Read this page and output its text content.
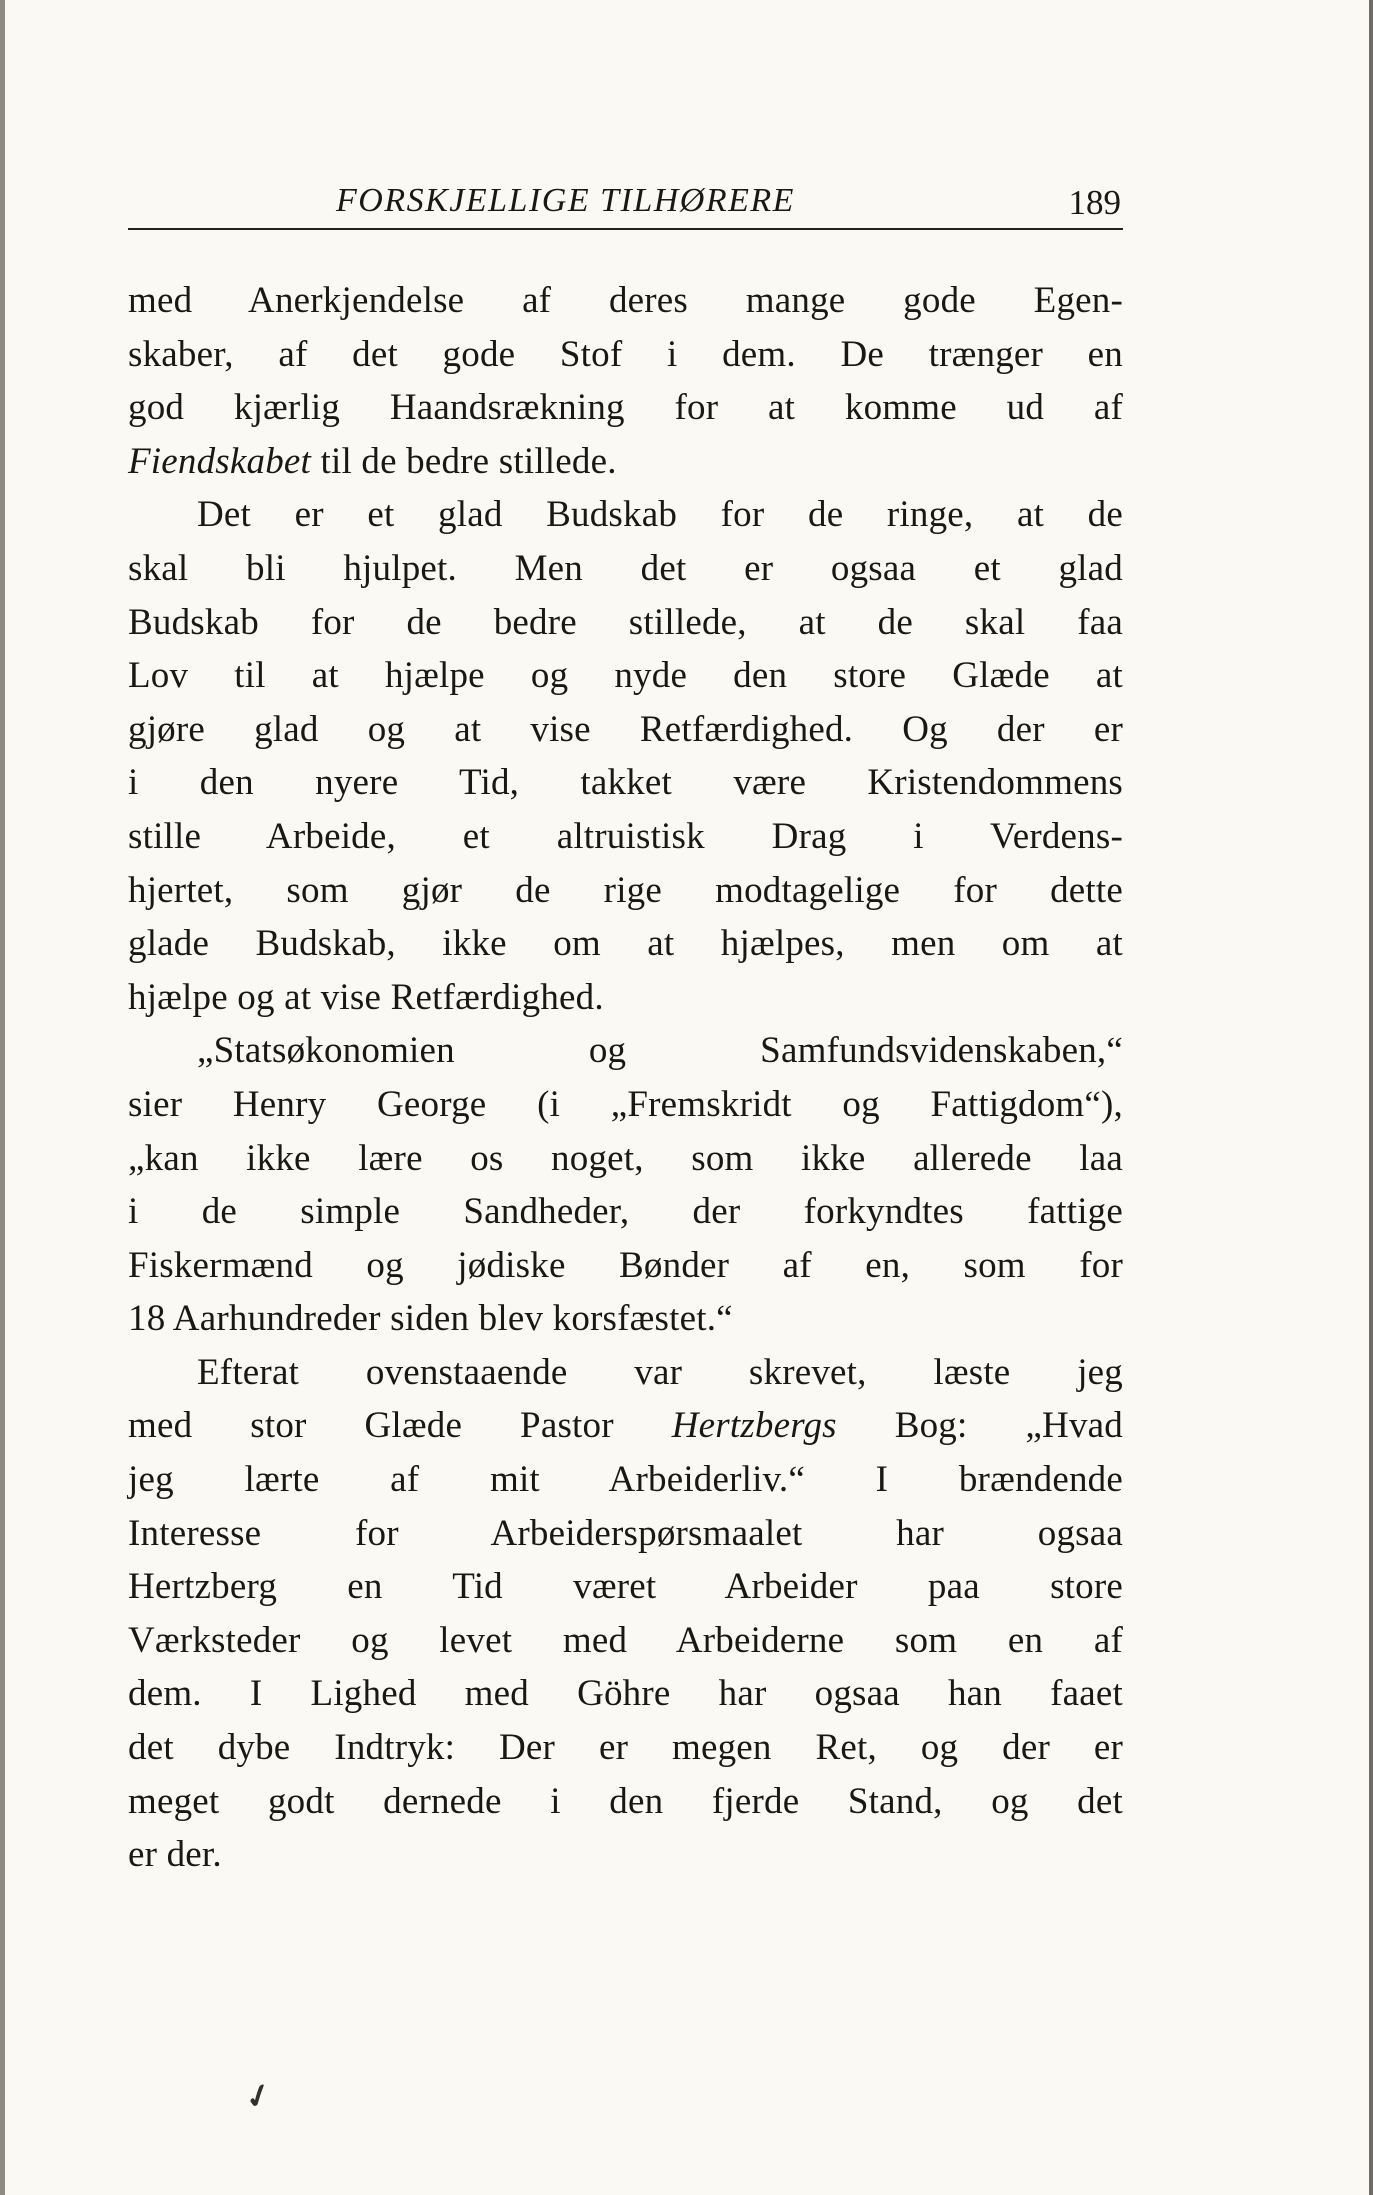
FORSKJELLIGE TILHØRERE	189
med Anerkjendelse af deres mange gode Egen-
skaber, af det gode Stof i dem. De trænger en
god kjærlig Haandsrækning for at komme ud af
Fiendskabet til de bedre stillede.
Det er et glad Budskab for de ringe, at de
skal bli hjulpet. Men det er ogsaa et glad
Budskab for de bedre stillede, at de skal faa
Lov til at hjælpe og nyde den store Glæde at
gjøre glad og at vise Retfærdighed. Og der er
i den nyere Tid, takket være Kristendommens
stille Arbeide, et altruistisk Drag i Verdens-
hjertet, som gjør de rige modtagelige for dette
glade Budskab, ikke om at hjælpes, men om at
hjælpe og at vise Retfærdighed.
„Statsøkonomien og Samfundsvidenskaben,“
sier Henry George (i „Fremskridt og Fattigdom“),
„kan ikke lære os noget, som ikke allerede laa
i de simple Sandheder, der forkyndtes fattige
Fiskermænd og jødiske Bønder af en, som for
18 Aarhundreder siden blev korsfæstet.“
Efterat ovenstaaende var skrevet, læste jeg
med stor Glæde Pastor Hertzbergs Bog: „Hvad
jeg lærte af mit Arbeiderliv.“ I brændende
Interesse for Arbeiderspørsmaalet har ogsaa
Hertzberg en Tid været Arbeider paa store
Værksteder og levet med Arbeiderne som en af
dem. I Lighed med Göhre har ogsaa han faaet
det dybe Indtryk: Der er megen Ret, og der er
meget godt dernede i den fjerde Stand, og det
er der.
✓
